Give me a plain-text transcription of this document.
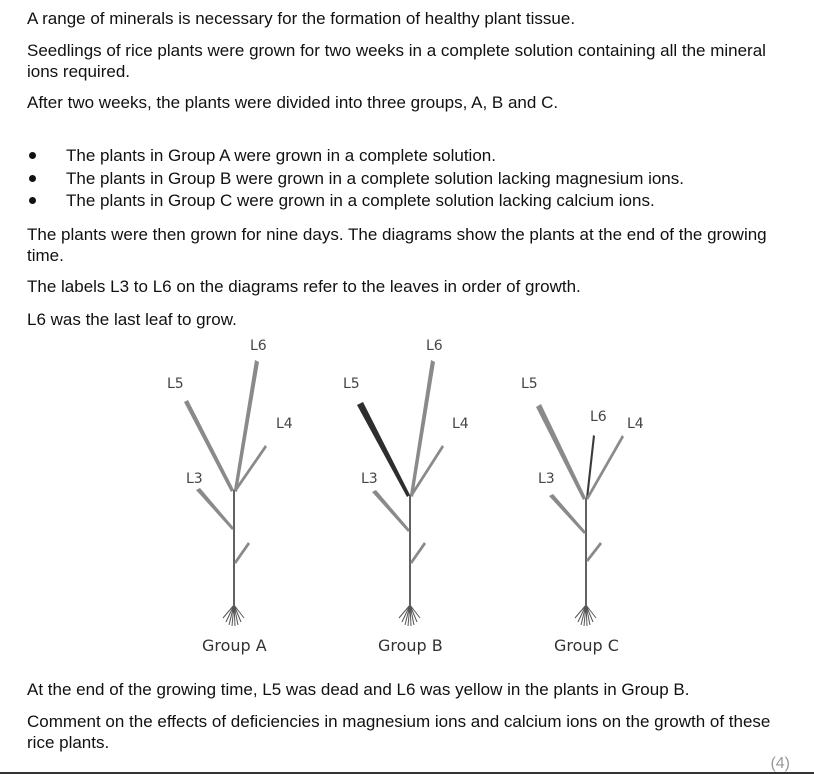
A range of minerals is necessary for the formation of healthy plant tissue.

Seedlings of rice plants were grown for two weeks in a complete solution containing all the mineral ions required.

After two weeks, the plants were divided into three groups, A, B and C.

The plants in Group A were grown in a complete solution.
The plants in Group B were grown in a complete solution lacking magnesium ions.
The plants in Group C were grown in a complete solution lacking calcium ions.

The plants were then grown for nine days. The diagrams show the plants at the end of the growing time.

The labels L3 to L6 on the diagrams refer to the leaves in order of growth.

L6 was the last leaf to grow.

L6
L5
L4
L3
Group A
L6
L5
L4
L3
Group B
L6
L5
L4
L3
Group C

At the end of the growing time, L5 was dead and L6 was yellow in the plants in Group B.

Comment on the effects of deficiencies in magnesium ions and calcium ions on the growth of these rice plants.

(4)
